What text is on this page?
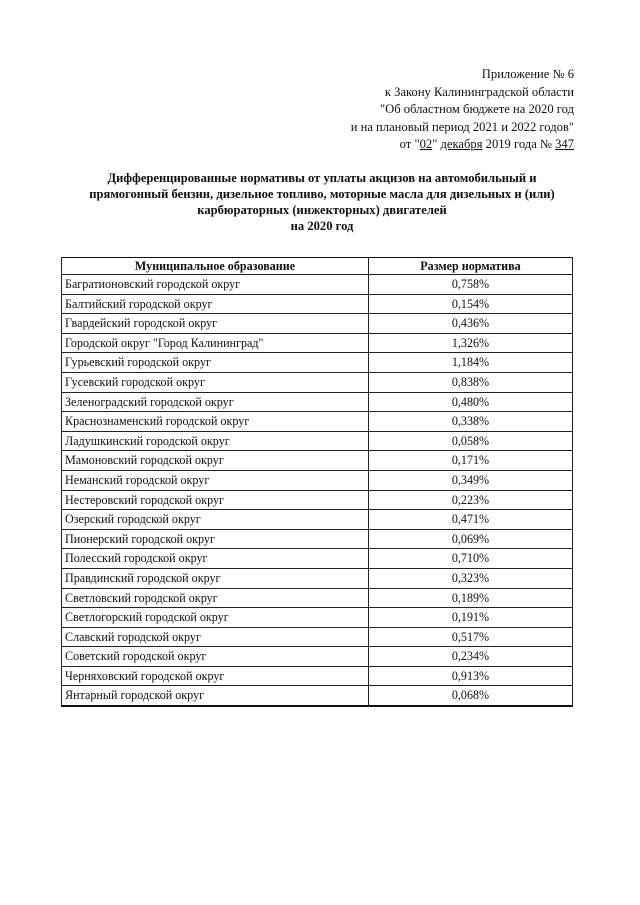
Приложение № 6
к Закону Калининградской области
"Об областном бюджете на 2020 год
и на плановый период 2021 и 2022 годов"
от "02" декабря 2019 года № 347
Дифференцированные нормативы от уплаты акцизов на автомобильный и
прямогонный бензин, дизельное топливо, моторные масла для дизельных и (или)
карбюраторных (инжекторных) двигателей
на 2020 год
Муниципальное образование	Размер норматива
Багратионовский городской округ	0,758%
Балтийский городской округ	0,154%
Гвардейский городской округ	0,436%
Городской округ "Город Калининград"	1,326%
Гурьевский городской округ	1,184%
Гусевский городской округ	0,838%
Зеленоградский городской округ	0,480%
Краснознаменский городской округ	0,338%
Ладушкинский городской округ	0,058%
Мамоновский городской округ	0,171%
Неманский городской округ	0,349%
Нестеровский городской округ	0,223%
Озерский городской округ	0,471%
Пионерский городской округ	0,069%
Полесский городской округ	0,710%
Правдинский городской округ	0,323%
Светловский городской округ	0,189%
Светлогорский городской округ	0,191%
Славский городской округ	0,517%
Советский городской округ	0,234%
Черняховский городской округ	0,913%
Янтарный городской округ	0,068%
